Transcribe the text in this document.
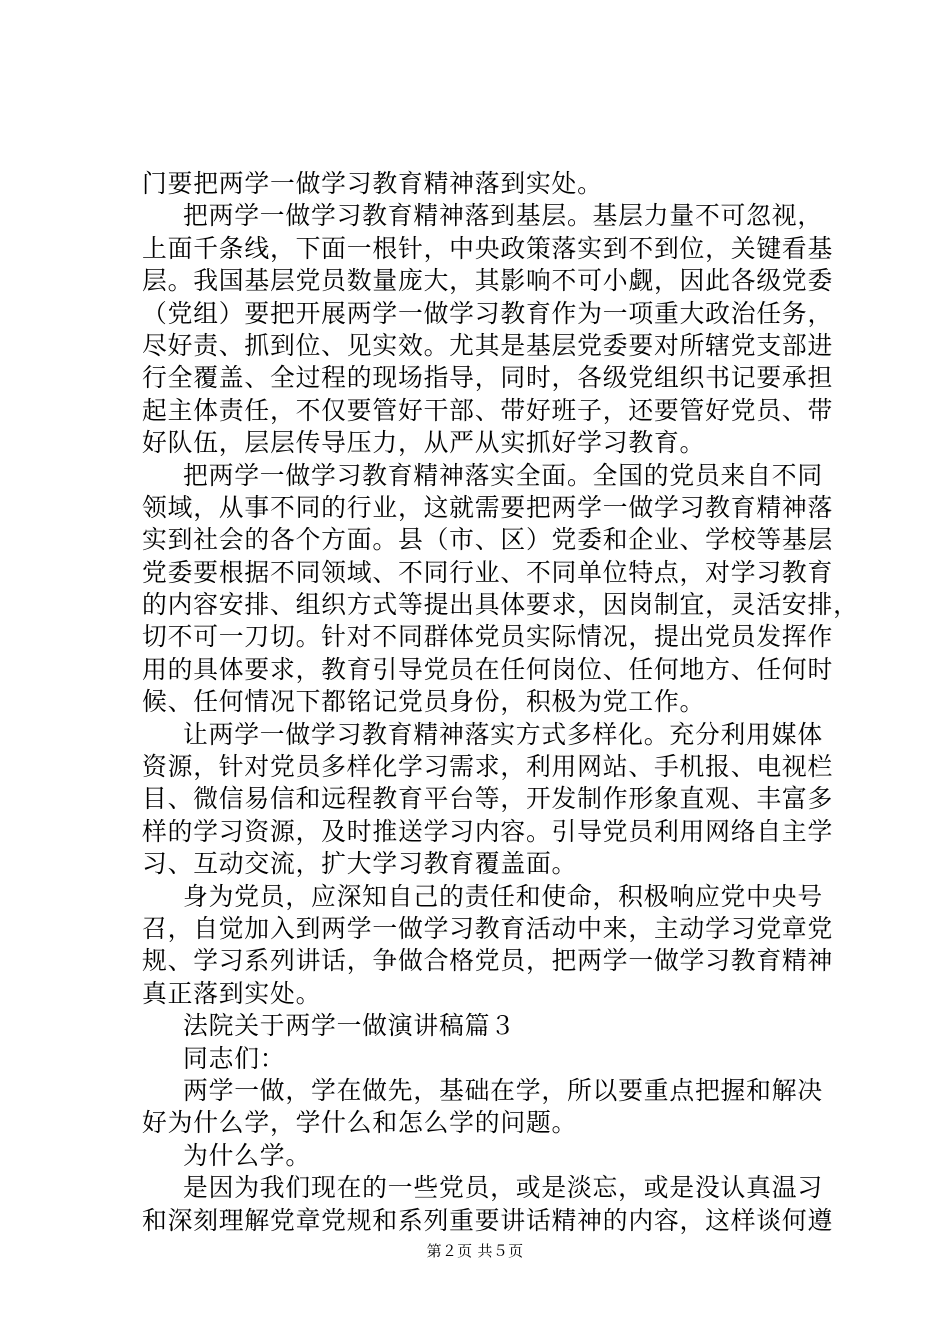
门要把两学一做学习教育精神落到实处。
把两学一做学习教育精神落到基层。基层力量不可忽视，
上面千条线，下面一根针，中央政策落实到不到位，关键看基
层。我国基层党员数量庞大，其影响不可小觑，因此各级党委
（党组）要把开展两学一做学习教育作为一项重大政治任务，
尽好责、抓到位、见实效。尤其是基层党委要对所辖党支部进
行全覆盖、全过程的现场指导，同时，各级党组织书记要承担
起主体责任，不仅要管好干部、带好班子，还要管好党员、带
好队伍，层层传导压力，从严从实抓好学习教育。
把两学一做学习教育精神落实全面。全国的党员来自不同
领域，从事不同的行业，这就需要把两学一做学习教育精神落
实到社会的各个方面。县（市、区）党委和企业、学校等基层
党委要根据不同领域、不同行业、不同单位特点，对学习教育
的内容安排、组织方式等提出具体要求，因岗制宜，灵活安排，
切不可一刀切。针对不同群体党员实际情况，提出党员发挥作
用的具体要求，教育引导党员在任何岗位、任何地方、任何时
候、任何情况下都铭记党员身份，积极为党工作。
让两学一做学习教育精神落实方式多样化。充分利用媒体
资源，针对党员多样化学习需求，利用网站、手机报、电视栏
目、微信易信和远程教育平台等，开发制作形象直观、丰富多
样的学习资源，及时推送学习内容。引导党员利用网络自主学
习、互动交流，扩大学习教育覆盖面。
身为党员，应深知自己的责任和使命，积极响应党中央号
召，自觉加入到两学一做学习教育活动中来，主动学习党章党
规、学习系列讲话，争做合格党员，把两学一做学习教育精神
真正落到实处。
法院关于两学一做演讲稿篇３
同志们：
两学一做，学在做先，基础在学，所以要重点把握和解决
好为什么学，学什么和怎么学的问题。
为什么学。
是因为我们现在的一些党员，或是淡忘，或是没认真温习
和深刻理解党章党规和系列重要讲话精神的内容，这样谈何遵
第２页 共５页
